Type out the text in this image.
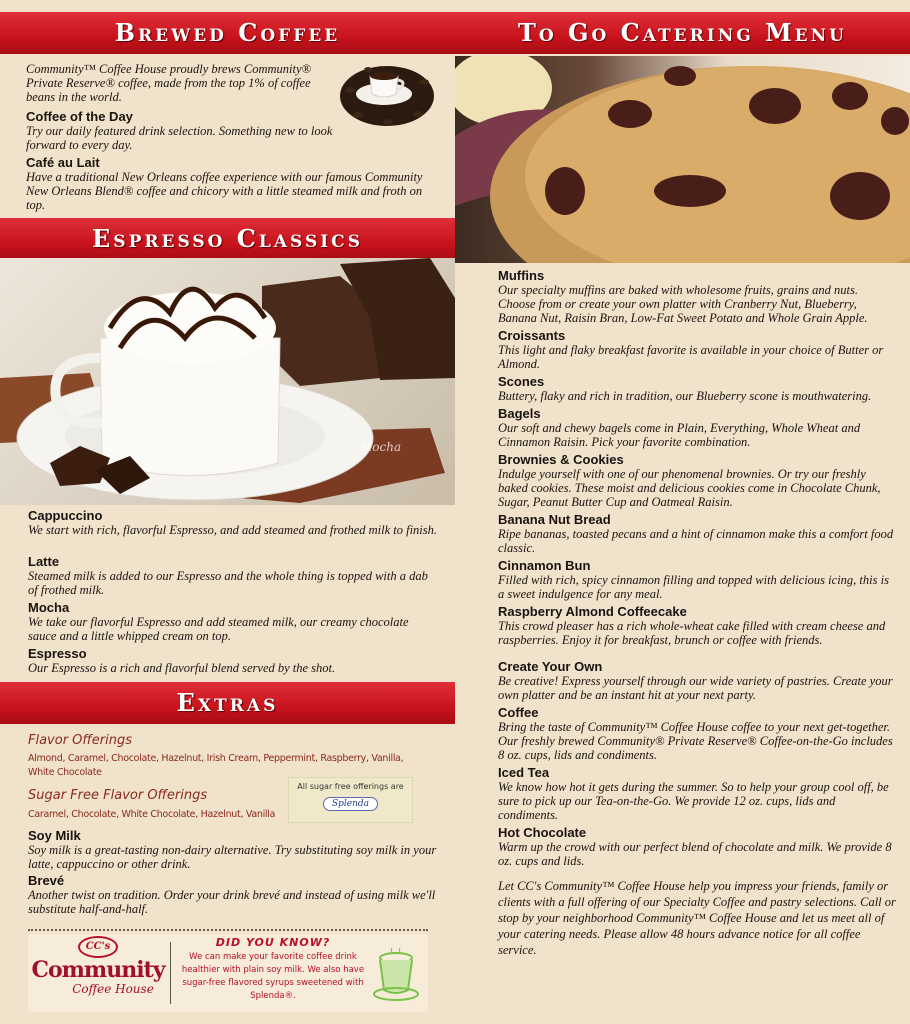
Brewed Coffee
Community™ Coffee House proudly brews Community® Private Reserve® coffee, made from the top 1% of coffee beans in the world.
Coffee of the Day
Try our daily featured drink selection. Something new to look forward to every day.
Café au Lait
Have a traditional New Orleans coffee experience with our famous Community New Orleans Blend® coffee and chicory with a little steamed milk and froth on top.
Espresso Classics
Mocha
Cappuccino
We start with rich, flavorful Espresso, and add steamed and frothed milk to finish.
Latte
Steamed milk is added to our Espresso and the whole thing is topped with a dab of frothed milk.
Mocha
We take our flavorful Espresso and add steamed milk, our creamy chocolate sauce and a little whipped cream on top.
Espresso
Our Espresso is a rich and flavorful blend served by the shot.
Extras
Flavor Offerings
Almond, Caramel, Chocolate, Hazelnut, Irish Cream, Peppermint, Raspberry, Vanilla, White Chocolate
Sugar Free Flavor Offerings
Caramel, Chocolate, White Chocolate, Hazelnut, Vanilla
All sugar free offerings are
Splenda
Soy Milk
Soy milk is a great-tasting non-dairy alternative. Try substituting soy milk in your latte, cappuccino or other drink.
Brevé
Another twist on tradition. Order your drink brevé and instead of using milk we'll substitute half-and-half.
CC's
Community
Coffee House
DID YOU KNOW?
We can make your favorite coffee drink healthier with plain soy milk. We also have sugar-free flavored syrups sweetened with Splenda®.
To Go Catering Menu
Muffins
Our specialty muffins are baked with wholesome fruits, grains and nuts. Choose from or create your own platter with Cranberry Nut, Blueberry, Banana Nut, Raisin Bran, Low-Fat Sweet Potato and Whole Grain Apple.
Croissants
This light and flaky breakfast favorite is available in your choice of Butter or Almond.
Scones
Buttery, flaky and rich in tradition, our Blueberry scone is mouthwatering.
Bagels
Our soft and chewy bagels come in Plain, Everything, Whole Wheat and Cinnamon Raisin. Pick your favorite combination.
Brownies & Cookies
Indulge yourself with one of our phenomenal brownies. Or try our freshly baked cookies. These moist and delicious cookies come in Chocolate Chunk, Sugar, Peanut Butter Cup and Oatmeal Raisin.
Banana Nut Bread
Ripe bananas, toasted pecans and a hint of cinnamon make this a comfort food classic.
Cinnamon Bun
Filled with rich, spicy cinnamon filling and topped with delicious icing, this is a sweet indulgence for any meal.
Raspberry Almond Coffeecake
This crowd pleaser has a rich whole-wheat cake filled with cream cheese and raspberries. Enjoy it for breakfast, brunch or coffee with friends.
Create Your Own
Be creative! Express yourself through our wide variety of pastries. Create your own platter and be an instant hit at your next party.
Coffee
Bring the taste of Community™ Coffee House coffee to your next get-together. Our freshly brewed Community® Private Reserve® Coffee-on-the-Go includes 8 oz. cups, lids and condiments.
Iced Tea
We know how hot it gets during the summer. So to help your group cool off, be sure to pick up our Tea-on-the-Go. We provide 12 oz. cups, lids and condiments.
Hot Chocolate
Warm up the crowd with our perfect blend of chocolate and milk. We provide 8 oz. cups and lids.
Let CC's Community™ Coffee House help you impress your friends, family or clients with a full offering of our Specialty Coffee and pastry selections. Call or stop by your neighborhood Community™ Coffee House and let us meet all of your catering needs. Please allow 48 hours advance notice for all coffee service.
